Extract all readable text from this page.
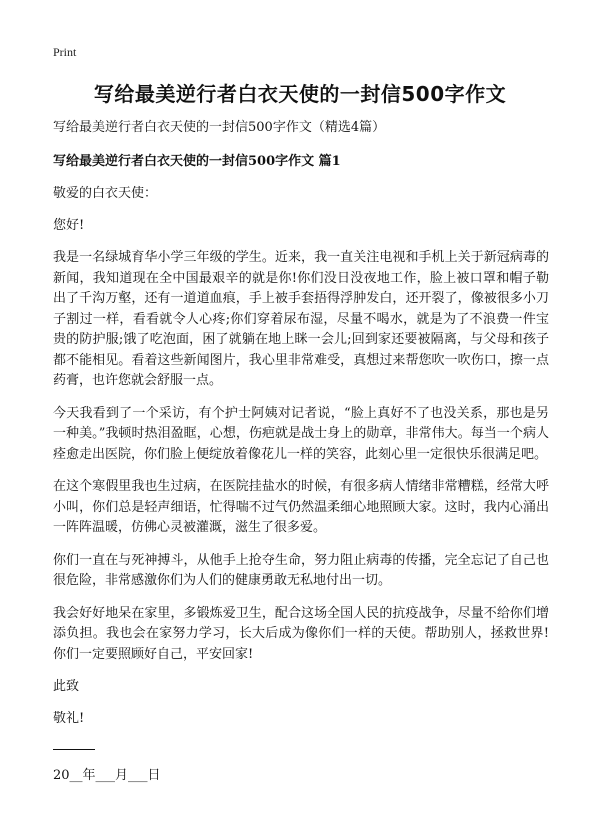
Print
写给最美逆行者白衣天使的一封信500字作文
写给最美逆行者白衣天使的一封信500字作文（精选4篇）
写给最美逆行者白衣天使的一封信500字作文 篇1
敬爱的白衣天使：
您好!

我是一名绿城育华小学三年级的学生。近来，我一直关注电视和手机上关于新冠病毒的新闻，我知道现在全中国最艰辛的就是你!你们没日没夜地工作，脸上被口罩和帽子勒出了千沟万壑，还有一道道血痕，手上被手套捂得浮肿发白，还开裂了，像被很多小刀子割过一样，看看就令人心疼;你们穿着尿布湿，尽量不喝水，就是为了不浪费一件宝贵的防护服;饿了吃泡面，困了就躺在地上眯一会儿;回到家还要被隔离，与父母和孩子都不能相见。看着这些新闻图片，我心里非常难受，真想过来帮您吹一吹伤口，擦一点药膏，也许您就会舒服一点。

今天我看到了一个采访，有个护士阿姨对记者说，“脸上真好不了也没关系，那也是另一种美。”我顿时热泪盈眶，心想，伤疤就是战士身上的勋章，非常伟大。每当一个病人痊愈走出医院，你们脸上便绽放着像花儿一样的笑容，此刻心里一定很快乐很满足吧。

在这个寒假里我也生过病，在医院挂盐水的时候，有很多病人情绪非常糟糕，经常大呼小叫，你们总是轻声细语，忙得喘不过气仍然温柔细心地照顾大家。这时，我内心涌出一阵阵温暖，仿佛心灵被灌溉，滋生了很多爱。

你们一直在与死神搏斗，从他手上抢夺生命，努力阻止病毒的传播，完全忘记了自己也很危险，非常感激你们为人们的健康勇敢无私地付出一切。

我会好好地呆在家里，多锻炼爱卫生，配合这场全国人民的抗疫战争，尽量不给你们增添负担。我也会在家努力学习，长大后成为像你们一样的天使。帮助别人，拯救世界!你们一定要照顾好自己，平安回家!

此致
敬礼!
20__年___月___日
